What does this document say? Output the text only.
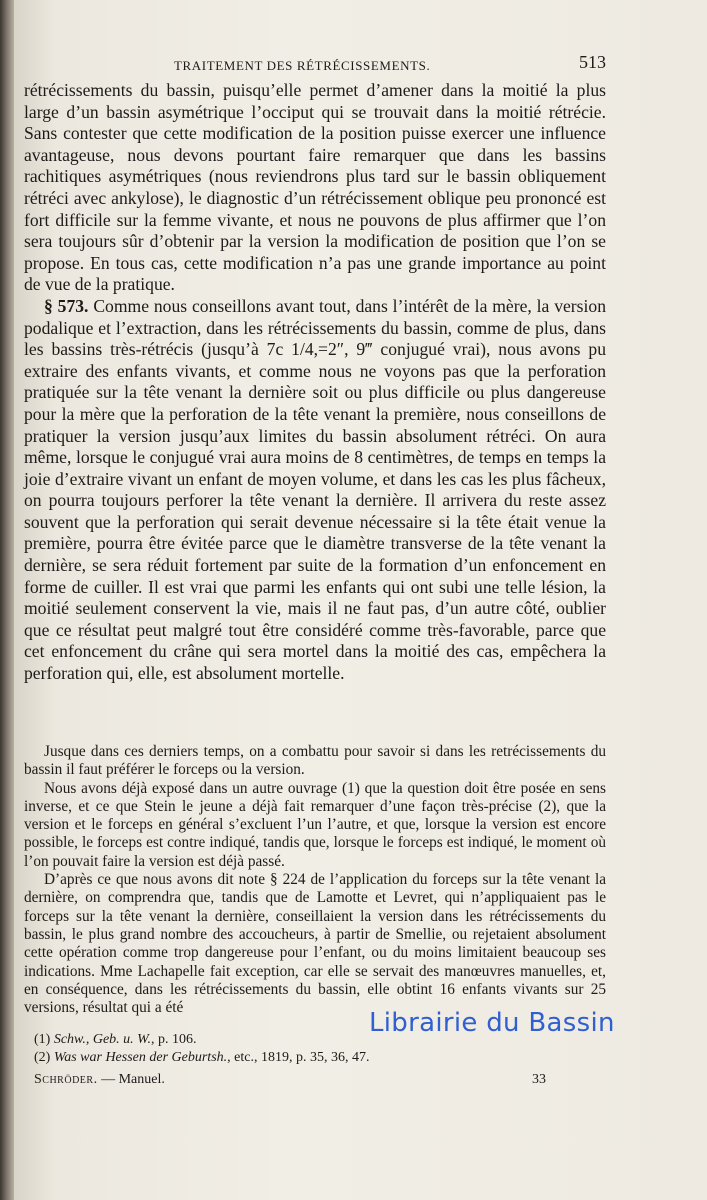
TRAITEMENT DES RÉTRÉCISSEMENTS.	513

rétrécissements du bassin, puisqu’elle permet d’amener dans la moitié la plus large d’un bassin asymétrique l’occiput qui se trouvait dans la moitié rétrécie. Sans contester que cette modification de la position puisse exercer une influence avantageuse, nous devons pourtant faire remarquer que dans les bassins rachitiques asymétriques (nous reviendrons plus tard sur le bassin obliquement rétréci avec ankylose), le diagnostic d’un rétrécissement oblique peu prononcé est fort difficile sur la femme vivante, et nous ne pouvons de plus affirmer que l’on sera toujours sûr d’obtenir par la version la modification de position que l’on se propose. En tous cas, cette modification n’a pas une grande importance au point de vue de la pratique.

§ 573. Comme nous conseillons avant tout, dans l’intérêt de la mère, la version podalique et l’extraction, dans les rétrécissements du bassin, comme de plus, dans les bassins très-rétrécis (jusqu’à 7c 1/4,=2″, 9‴ conjugué vrai), nous avons pu extraire des enfants vivants, et comme nous ne voyons pas que la perforation pratiquée sur la tête venant la dernière soit ou plus difficile ou plus dangereuse pour la mère que la perforation de la tête venant la première, nous conseillons de pratiquer la version jusqu’aux limites du bassin absolument rétréci. On aura même, lorsque le conjugué vrai aura moins de 8 centimètres, de temps en temps la joie d’extraire vivant un enfant de moyen volume, et dans les cas les plus fâcheux, on pourra toujours perforer la tête venant la dernière. Il arrivera du reste assez souvent que la perforation qui serait devenue nécessaire si la tête était venue la première, pourra être évitée parce que le diamètre transverse de la tête venant la dernière, se sera réduit fortement par suite de la formation d’un enfoncement en forme de cuiller. Il est vrai que parmi les enfants qui ont subi une telle lésion, la moitié seulement conservent la vie, mais il ne faut pas, d’un autre côté, oublier que ce résultat peut malgré tout être considéré comme très-favorable, parce que cet enfoncement du crâne qui sera mortel dans la moitié des cas, empêchera la perforation qui, elle, est absolument mortelle.

Jusque dans ces derniers temps, on a combattu pour savoir si dans les retrécissements du bassin il faut préférer le forceps ou la version.

Nous avons déjà exposé dans un autre ouvrage (1) que la question doit être posée en sens inverse, et ce que Stein le jeune a déjà fait remarquer d’une façon très-précise (2), que la version et le forceps en général s’excluent l’un l’autre, et que, lorsque la version est encore possible, le forceps est contre indiqué, tandis que, lorsque le forceps est indiqué, le moment où l’on pouvait faire la version est déjà passé.

D’après ce que nous avons dit note § 224 de l’application du forceps sur la tête venant la dernière, on comprendra que, tandis que de Lamotte et Levret, qui n’appliquaient pas le forceps sur la tête venant la dernière, conseillaient la version dans les rétrécissements du bassin, le plus grand nombre des accoucheurs, à partir de Smellie, ou rejetaient absolument cette opération comme trop dangereuse pour l’enfant, ou du moins limitaient beaucoup ses indications. Mme Lachapelle fait exception, car elle se servait des manœuvres manuelles, et, en conséquence, dans les rétrécissements du bassin, elle obtint 16 enfants vivants sur 25 versions, résultat qui a été

(1) Schw., Geb. u. W., p. 106.
(2) Was war Hessen der Geburtsh., etc., 1819, p. 35, 36, 47.
Schröder. — Manuel.	33
Librairie du Bassin
